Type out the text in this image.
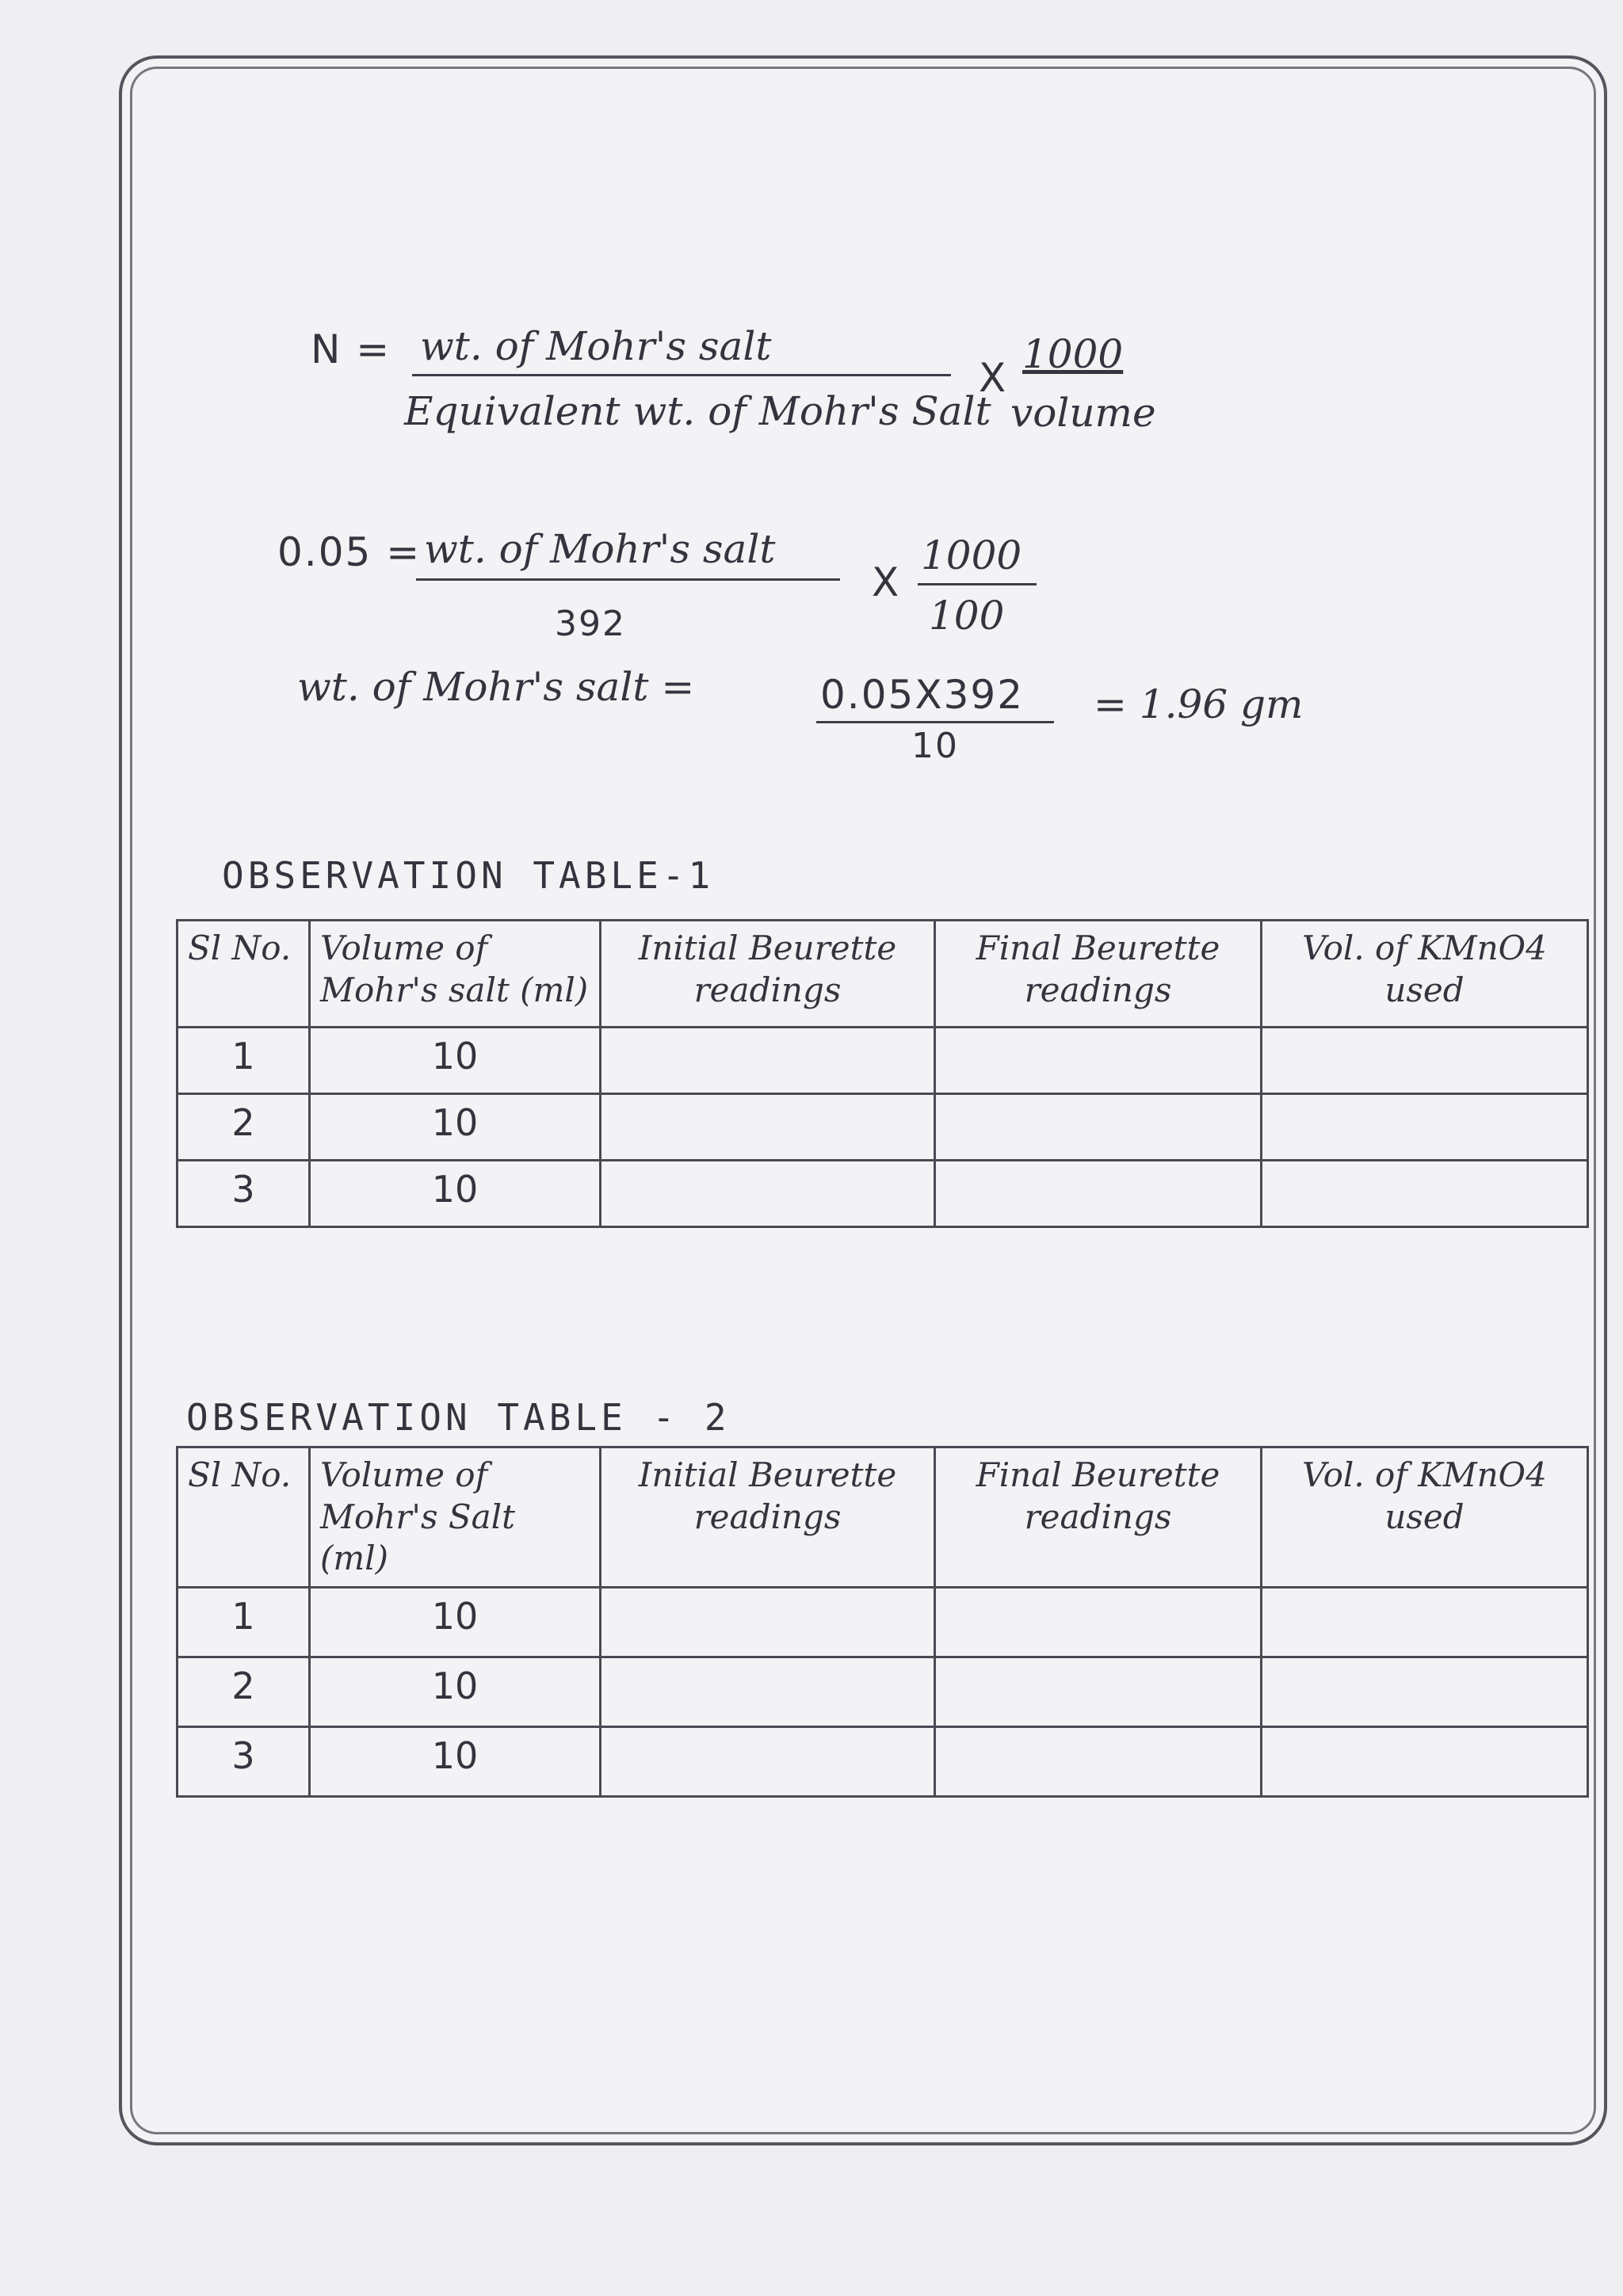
N = wt. of Mohr's salt
Equivalent wt. of Mohr's Salt
X
1000
volume
0.05 = wt. of Mohr's salt
392
X
1000
100
wt. of Mohr's salt =	0.05X392
10
= 1.96 gm
OBSERVATION TABLE-1
Sl No.	Volume of Mohr's salt (ml)	Initial Beurette readings	Final Beurette readings	Vol. of KMnO4 used
1	10			
2	10			
3	10			
OBSERVATION TABLE - 2
Sl No.	Volume of Mohr's Salt (ml)	Initial Beurette readings	Final Beurette readings	Vol. of KMnO4 used
1	10			
2	10			
3	10			
